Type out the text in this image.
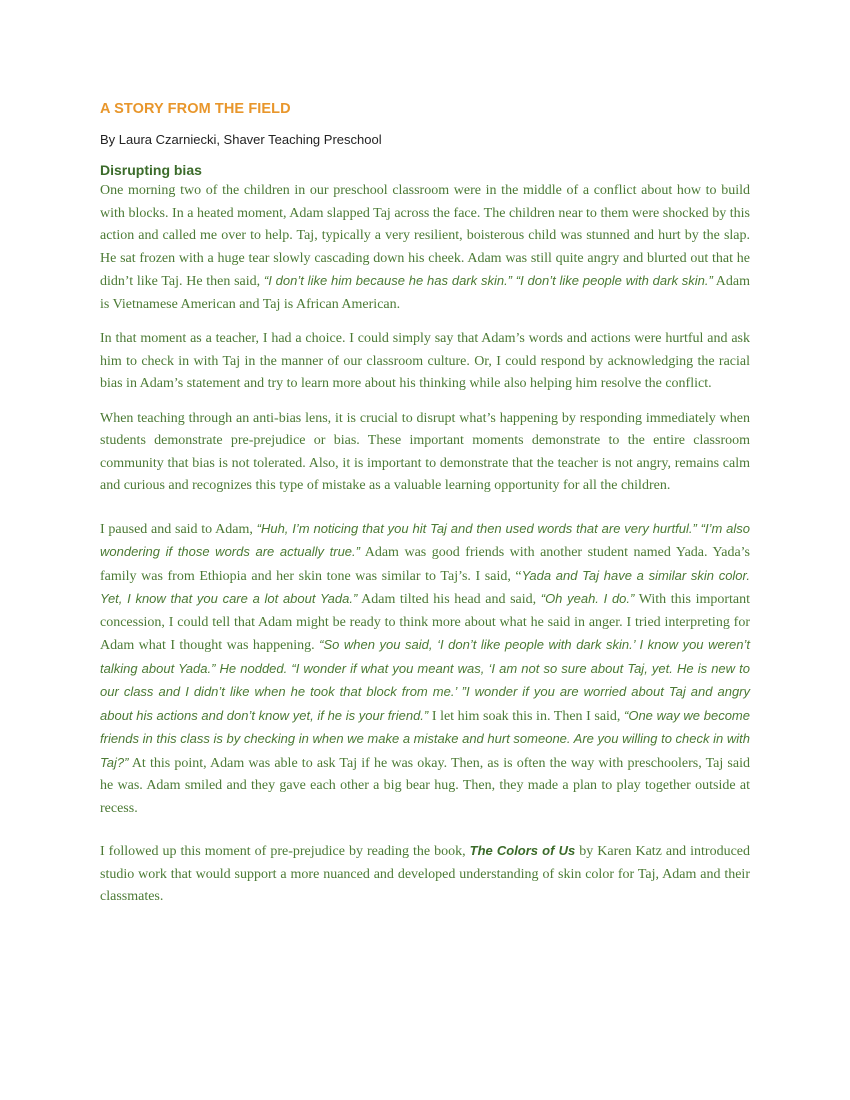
A STORY FROM THE FIELD

By Laura Czarniecki, Shaver Teaching Preschool

Disrupting bias

One morning two of the children in our preschool classroom were in the middle of a conflict about how to build with blocks. In a heated moment, Adam slapped Taj across the face. The children near to them were shocked by this action and called me over to help. Taj, typically a very resilient, boisterous child was stunned and hurt by the slap. He sat frozen with a huge tear slowly cascading down his cheek. Adam was still quite angry and blurted out that he didn’t like Taj. He then said, “I don’t like him because he has dark skin.” “I don’t like people with dark skin.” Adam is Vietnamese American and Taj is African American.

In that moment as a teacher, I had a choice. I could simply say that Adam’s words and actions were hurtful and ask him to check in with Taj in the manner of our classroom culture. Or, I could respond by acknowledging the racial bias in Adam’s statement and try to learn more about his thinking while also helping him resolve the conflict.

When teaching through an anti-bias lens, it is crucial to disrupt what’s happening by responding immediately when students demonstrate pre-prejudice or bias. These important moments demonstrate to the entire classroom community that bias is not tolerated. Also, it is important to demonstrate that the teacher is not angry, remains calm and curious and recognizes this type of mistake as a valuable learning opportunity for all the children.

I paused and said to Adam, “Huh, I’m noticing that you hit Taj and then used words that are very hurtful.” “I’m also wondering if those words are actually true.” Adam was good friends with another student named Yada. Yada’s family was from Ethiopia and her skin tone was similar to Taj’s. I said, “Yada and Taj have a similar skin color. Yet, I know that you care a lot about Yada.” Adam tilted his head and said, “Oh yeah. I do.” With this important concession, I could tell that Adam might be ready to think more about what he said in anger. I tried interpreting for Adam what I thought was happening. “So when you said, ‘I don’t like people with dark skin.’ I know you weren’t talking about Yada.” He nodded. “I wonder if what you meant was, ‘I am not so sure about Taj, yet. He is new to our class and I didn’t like when he took that block from me.’ ”I wonder if you are worried about Taj and angry about his actions and don’t know yet, if he is your friend.” I let him soak this in. Then I said, “One way we become friends in this class is by checking in when we make a mistake and hurt someone. Are you willing to check in with Taj?” At this point, Adam was able to ask Taj if he was okay. Then, as is often the way with preschoolers, Taj said he was. Adam smiled and they gave each other a big bear hug. Then, they made a plan to play together outside at recess.

I followed up this moment of pre-prejudice by reading the book, The Colors of Us by Karen Katz and introduced studio work that would support a more nuanced and developed understanding of skin color for Taj, Adam and their classmates.
